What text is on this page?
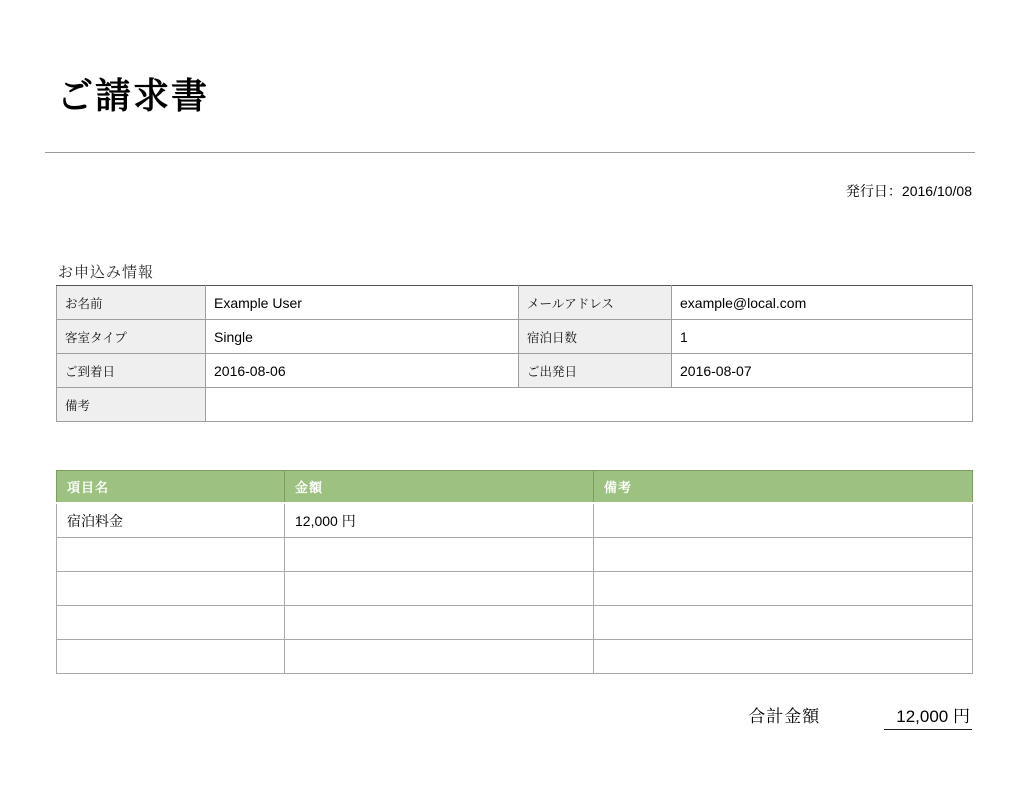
ご請求書
発行日：2016/10/08
お申込み情報
お名前	Example User	メールアドレス	example@local.com
客室タイプ	Single	宿泊日数	1
ご到着日	2016-08-06	ご出発日	2016-08-07
備考			
項目名	金額	備考
宿泊料金	12,000 円	

合計金額	12,000 円
